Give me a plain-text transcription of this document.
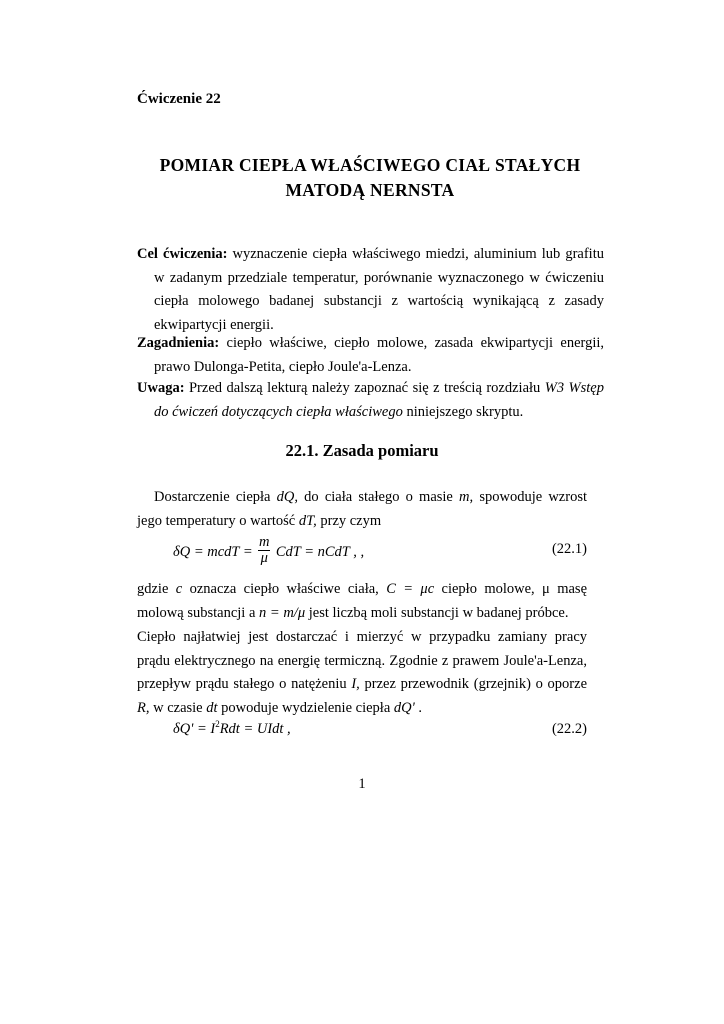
Ćwiczenie 22
POMIAR CIEPŁA WŁAŚCIWEGO CIAŁ STAŁYCH
MATODĄ NERNSTA
Cel ćwiczenia: wyznaczenie ciepła właściwego miedzi, aluminium lub grafitu w zadanym przedziale temperatur, porównanie wyznaczonego w ćwiczeniu ciepła molowego badanej substancji z wartością wynikającą z zasady ekwipartycji energii.
Zagadnienia: ciepło właściwe, ciepło molowe, zasada ekwipartycji energii, prawo Dulonga-Petita, ciepło Joule'a-Lenza.
Uwaga: Przed dalszą lekturą należy zapoznać się z treścią rozdziału W3 Wstęp do ćwiczeń dotyczących ciepła właściwego niniejszego skryptu.
22.1. Zasada pomiaru
Dostarczenie ciepła dQ, do ciała stałego o masie m, spowoduje wzrost jego temperatury o wartość dT, przy czym
δQ = mcdT = $\frac{m}{\mu}$ CdT = nCdT , ,	(22.1)
gdzie c oznacza ciepło właściwe ciała, C = μc ciepło molowe, μ masę molową substancji a n = m/μ jest liczbą moli substancji w badanej próbce.
Ciepło najłatwiej jest dostarczać i mierzyć w przypadku zamiany pracy prądu elektrycznego na energię termiczną. Zgodnie z prawem Joule'a-Lenza, przepływ prądu stałego o natężeniu I, przez przewodnik (grzejnik) o oporze R, w czasie dt powoduje wydzielenie ciepła dQ' .
$\delta Q' = I^2Rdt$ = UIdt ,	(22.2)
1
